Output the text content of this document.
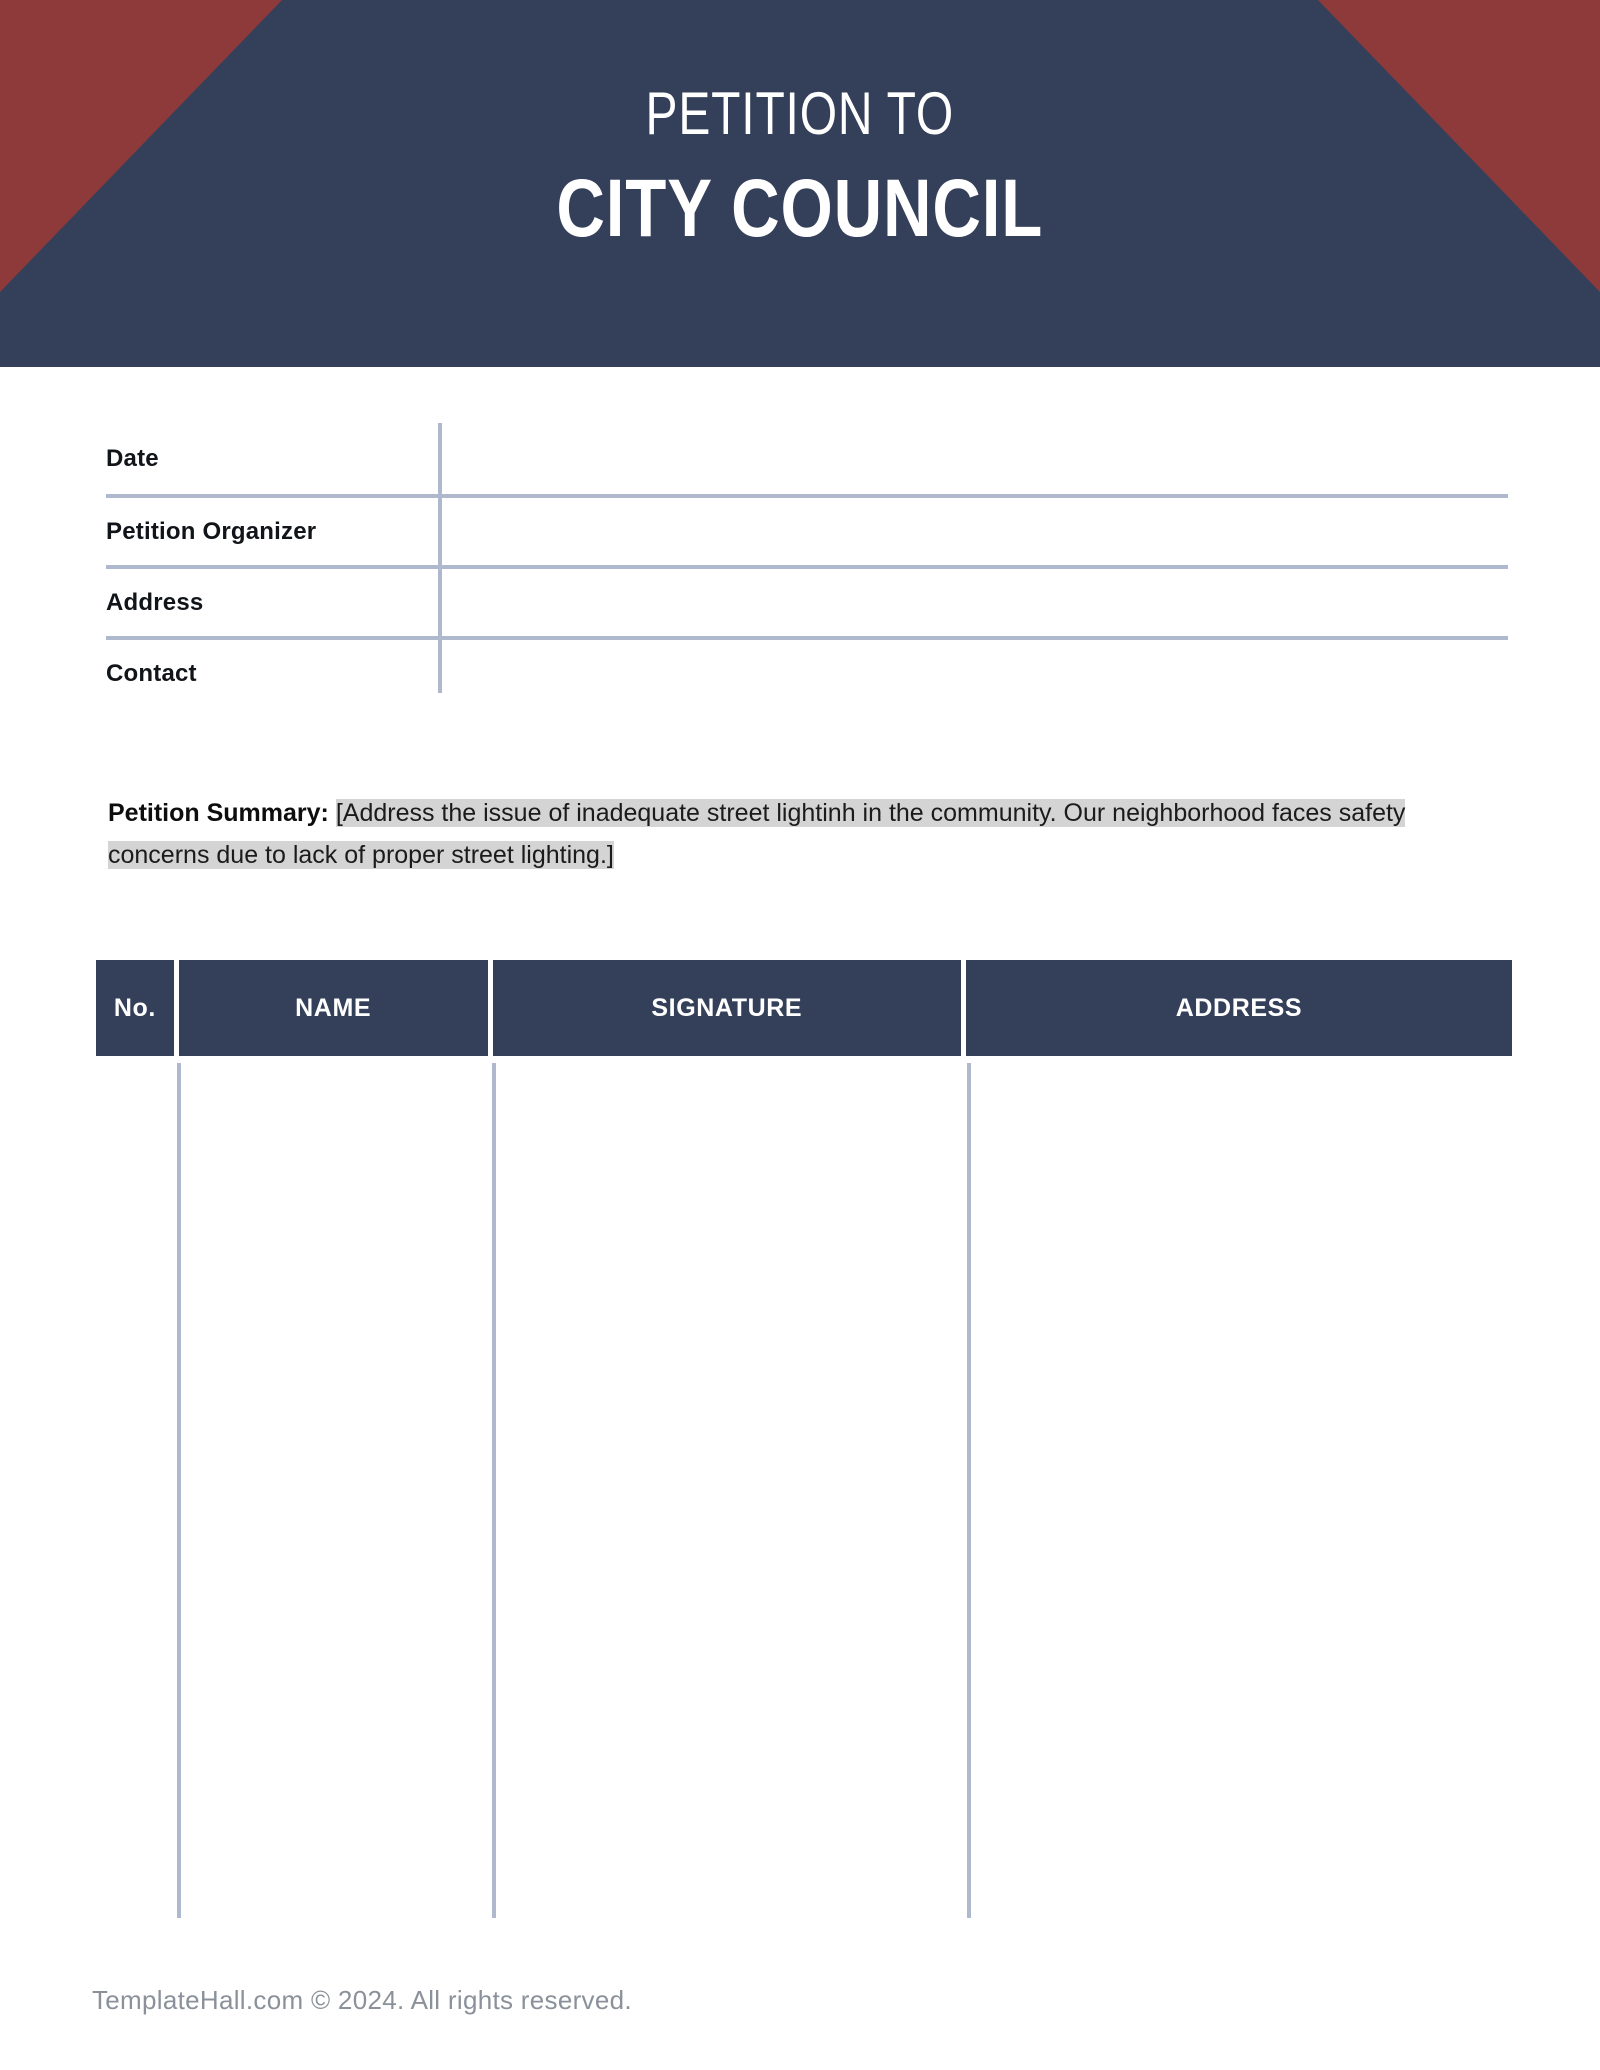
PETITION TO
CITY COUNCIL
Date
Petition Organizer
Address
Contact
Petition Summary: [Address the issue of inadequate street lightinh in the community. Our neighborhood faces safety concerns due to lack of proper street lighting.]
No.	NAME	SIGNATURE	ADDRESS
TemplateHall.com © 2024. All rights reserved.
